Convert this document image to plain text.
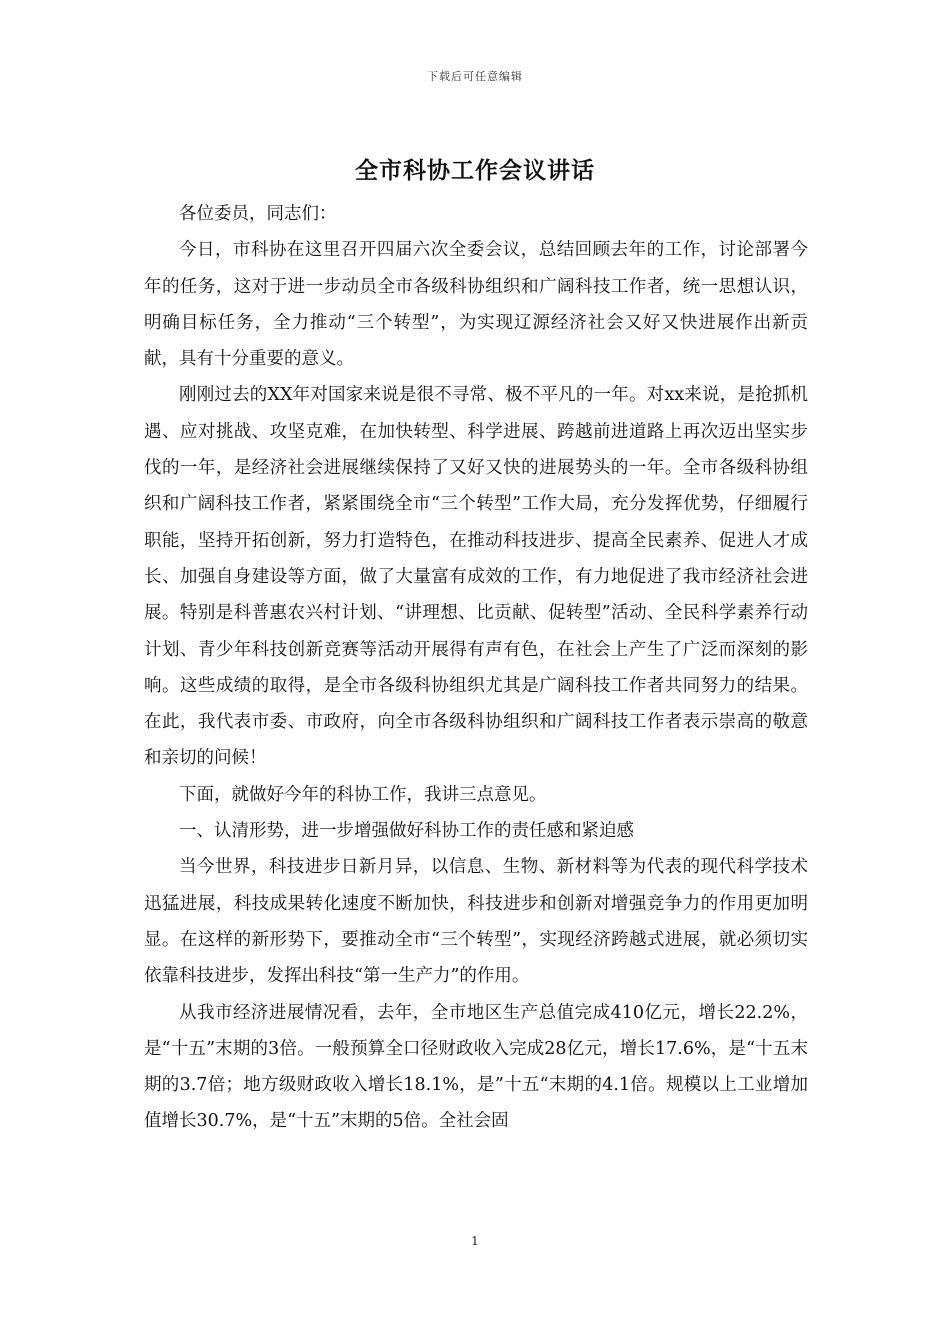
下载后可任意编辑
全市科协工作会议讲话

各位委员，同志们：

今日，市科协在这里召开四届六次全委会议，总结回顾去年的工作，讨论部署今年的任务，这对于进一步动员全市各级科协组织和广阔科技工作者，统一思想认识，明确目标任务，全力推动“三个转型”，为实现辽源经济社会又好又快进展作出新贡献，具有十分重要的意义。

刚刚过去的XX年对国家来说是很不寻常、极不平凡的一年。对xx来说，是抢抓机遇、应对挑战、攻坚克难，在加快转型、科学进展、跨越前进道路上再次迈出坚实步伐的一年，是经济社会进展继续保持了又好又快的进展势头的一年。全市各级科协组织和广阔科技工作者，紧紧围绕全市“三个转型”工作大局，充分发挥优势，仔细履行职能，坚持开拓创新，努力打造特色，在推动科技进步、提高全民素养、促进人才成长、加强自身建设等方面，做了大量富有成效的工作，有力地促进了我市经济社会进展。特别是科普惠农兴村计划、“讲理想、比贡献、促转型”活动、全民科学素养行动计划、青少年科技创新竞赛等活动开展得有声有色，在社会上产生了广泛而深刻的影响。这些成绩的取得，是全市各级科协组织尤其是广阔科技工作者共同努力的结果。在此，我代表市委、市政府，向全市各级科协组织和广阔科技工作者表示崇高的敬意和亲切的问候！

下面，就做好今年的科协工作，我讲三点意见。

一、认清形势，进一步增强做好科协工作的责任感和紧迫感

当今世界，科技进步日新月异，以信息、生物、新材料等为代表的现代科学技术迅猛进展，科技成果转化速度不断加快，科技进步和创新对增强竞争力的作用更加明显。在这样的新形势下，要推动全市“三个转型”，实现经济跨越式进展，就必须切实依靠科技进步，发挥出科技“第一生产力”的作用。

从我市经济进展情况看，去年，全市地区生产总值完成410亿元，增长22.2%，是“十五”末期的3倍。一般预算全口径财政收入完成28亿元，增长17.6%，是“十五末期的3.7倍；地方级财政收入增长18.1%，是”十五“末期的4.1倍。规模以上工业增加值增长30.7%，是“十五”末期的5倍。全社会固

1
